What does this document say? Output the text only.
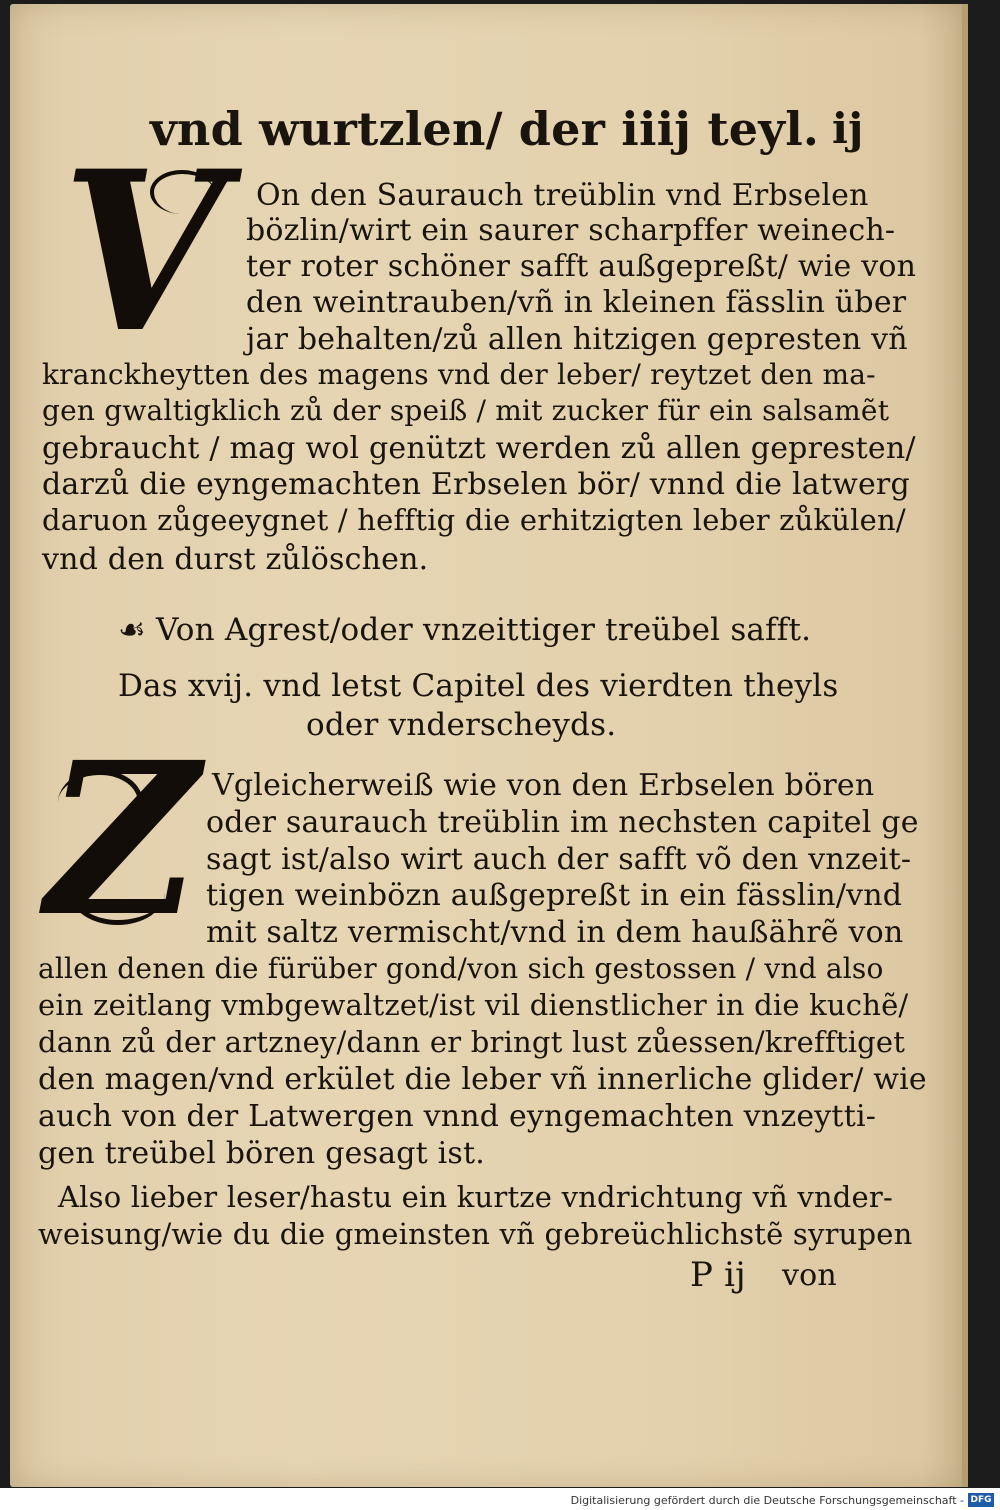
vnd wurtzlen/ der iiij teyl. ij
V On den Saurauch treüblin vnd Erbselen
bözlin/wirt ein saurer scharpffer weinech-
ter roter schöner safft außgepreßt/ wie von
den weintrauben/vñ in kleinen fässlin über
jar behalten/zů allen hitzigen gepresten vñ
kranckheytten des magens vnd der leber/ reytzet den ma-
gen gwaltigklich zů der speiß / mit zucker für ein salsamẽt
gebraucht / mag wol genützt werden zů allen gepresten/
darzů die eyngemachten Erbselen bör/ vnnd die latwerg
daruon zůgeeygnet / hefftig die erhitzigten leber zůkülen/
vnd den durst zůlöschen.
☙ Von Agrest/oder vnzeittiger treübel safft.
Das xvij. vnd letst Capitel des vierdten theyls
oder vnderscheyds.
Z Vgleicherweiß wie von den Erbselen bören
oder saurauch treüblin im nechsten capitel ge
sagt ist/also wirt auch der safft võ den vnzeit-
tigen weinbözn außgepreßt in ein fässlin/vnd
mit saltz vermischt/vnd in dem haußährẽ von
allen denen die fürüber gond/von sich gestossen / vnd also
ein zeitlang vmbgewaltzet/ist vil dienstlicher in die kuchẽ/
dann zů der artzney/dann er bringt lust zůessen/krefftiget
den magen/vnd erkület die leber vñ innerliche glider/ wie
auch von der Latwergen vnnd eyngemachten vnzeytti-
gen treübel bören gesagt ist.
Also lieber leser/hastu ein kurtze vndrichtung vñ vnder-
weisung/wie du die gmeinsten vñ gebreüchlichstẽ syrupen
P ij von
Digitalisierung gefördert durch die Deutsche Forschungsgemeinschaft - DFG
